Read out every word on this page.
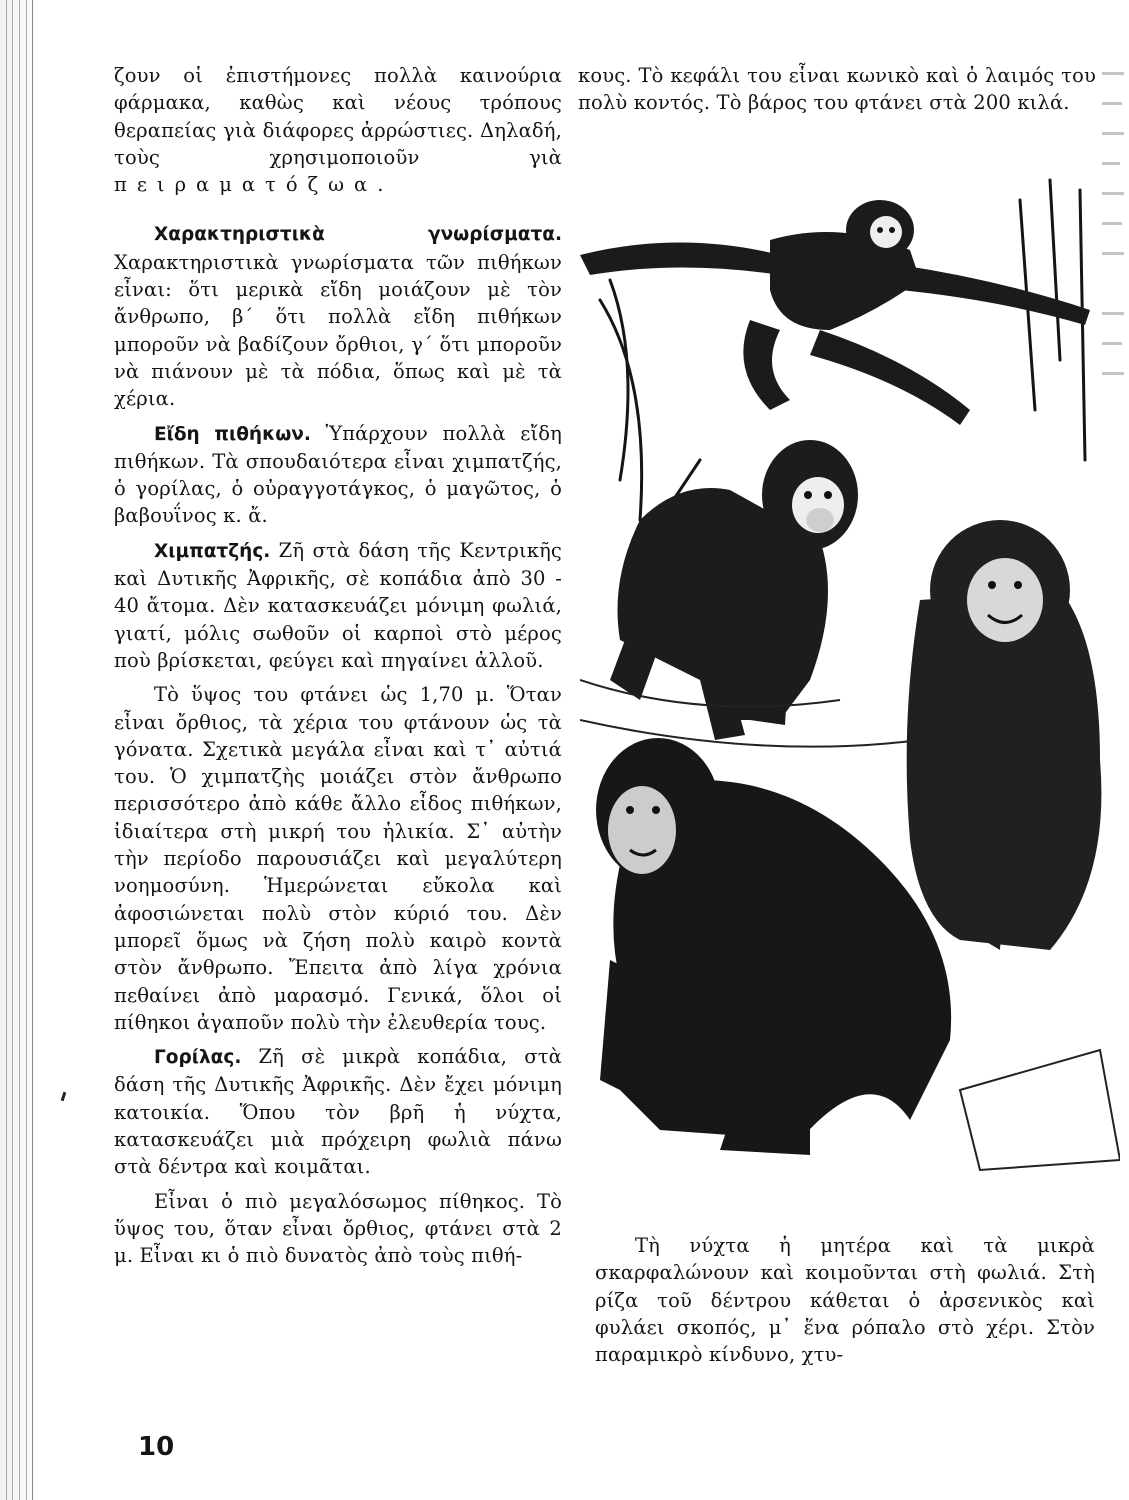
ζουν οἱ ἐπιστήμονες πολλὰ καινούρια φάρμακα, καθὼς καὶ νέους τρόπους θεραπείας γιὰ διάφορες ἀρρώστιες. Δηλαδή, τοὺς χρησιμοποιοῦν γιὰ πειραματόζωα.

Χαρακτηριστικὰ γνωρίσματα. Χαρακτηριστικὰ γνωρίσματα τῶν πιθήκων εἶναι: ὅτι μερικὰ εἴδη μοιάζουν μὲ τὸν ἄνθρωπο, β΄ ὅτι πολλὰ εἴδη πιθήκων μποροῦν νὰ βαδίζουν ὄρθιοι, γ΄ ὅτι μποροῦν νὰ πιάνουν μὲ τὰ πόδια, ὅπως καὶ μὲ τὰ χέρια.

Εἴδη πιθήκων. Ὑπάρχουν πολλὰ εἴδη πιθήκων. Τὰ σπουδαιότερα εἶναι χιμπατζής, ὁ γορίλας, ὁ οὐραγγοτάγκος, ὁ μαγῶτος, ὁ βαβουΐνος κ. ἄ.

Χιμπατζής. Ζῆ στὰ δάση τῆς Κεντρικῆς καὶ Δυτικῆς Ἀφρικῆς, σὲ κοπάδια ἀπὸ 30 - 40 ἄτομα. Δὲν κατασκευάζει μόνιμη φωλιά, γιατί, μόλις σωθοῦν οἱ καρποὶ στὸ μέρος ποὺ βρίσκεται, φεύγει καὶ πηγαίνει ἀλλοῦ.

Τὸ ὕψος του φτάνει ὡς 1,70 μ. Ὅταν εἶναι ὄρθιος, τὰ χέρια του φτάνουν ὡς τὰ γόνατα. Σχετικὰ μεγάλα εἶναι καὶ τ᾽ αὐτιά του. Ὁ χιμπατζὴς μοιάζει στὸν ἄνθρωπο περισσότερο ἀπὸ κάθε ἄλλο εἶδος πιθήκων, ἰδιαίτερα στὴ μικρή του ἡλικία. Σ᾽ αὐτὴν τὴν περίοδο παρουσιάζει καὶ μεγαλύτερη νοημοσύνη. Ἡμερώνεται εὔκολα καὶ ἀφοσιώνεται πολὺ στὸν κύριό του. Δὲν μπορεῖ ὅμως νὰ ζήση πολὺ καιρὸ κοντὰ στὸν ἄνθρωπο. Ἔπειτα ἀπὸ λίγα χρόνια πεθαίνει ἀπὸ μαρασμό. Γενικά, ὅλοι οἱ πίθηκοι ἀγαποῦν πολὺ τὴν ἐλευθερία τους.

Γορίλας. Ζῆ σὲ μικρὰ κοπάδια, στὰ δάση τῆς Δυτικῆς Ἀφρικῆς. Δὲν ἔχει μόνιμη κατοικία. Ὅπου τὸν βρῆ ἡ νύχτα, κατασκευάζει μιὰ πρόχειρη φωλιὰ πάνω στὰ δέντρα καὶ κοιμᾶται.

Εἶναι ὁ πιὸ μεγαλόσωμος πίθηκος. Τὸ ὕψος του, ὅταν εἶναι ὄρθιος, φτάνει στὰ 2 μ. Εἶναι κι ὁ πιὸ δυνατὸς ἀπὸ τοὺς πιθή-

κους. Τὸ κεφάλι του εἶναι κωνικὸ καὶ ὁ λαιμός του πολὺ κοντός. Τὸ βάρος του φτάνει στὰ 200 κιλά.

Τὴ νύχτα ἡ μητέρα καὶ τὰ μικρὰ σκαρφαλώνουν καὶ κοιμοῦνται στὴ φωλιά. Στὴ ρίζα τοῦ δέντρου κάθεται ὁ ἀρσενικὸς καὶ φυλάει σκοπός, μ᾽ ἕνα ρόπαλο στὸ χέρι. Στὸν παραμικρὸ κίνδυνο, χτυ-

10
